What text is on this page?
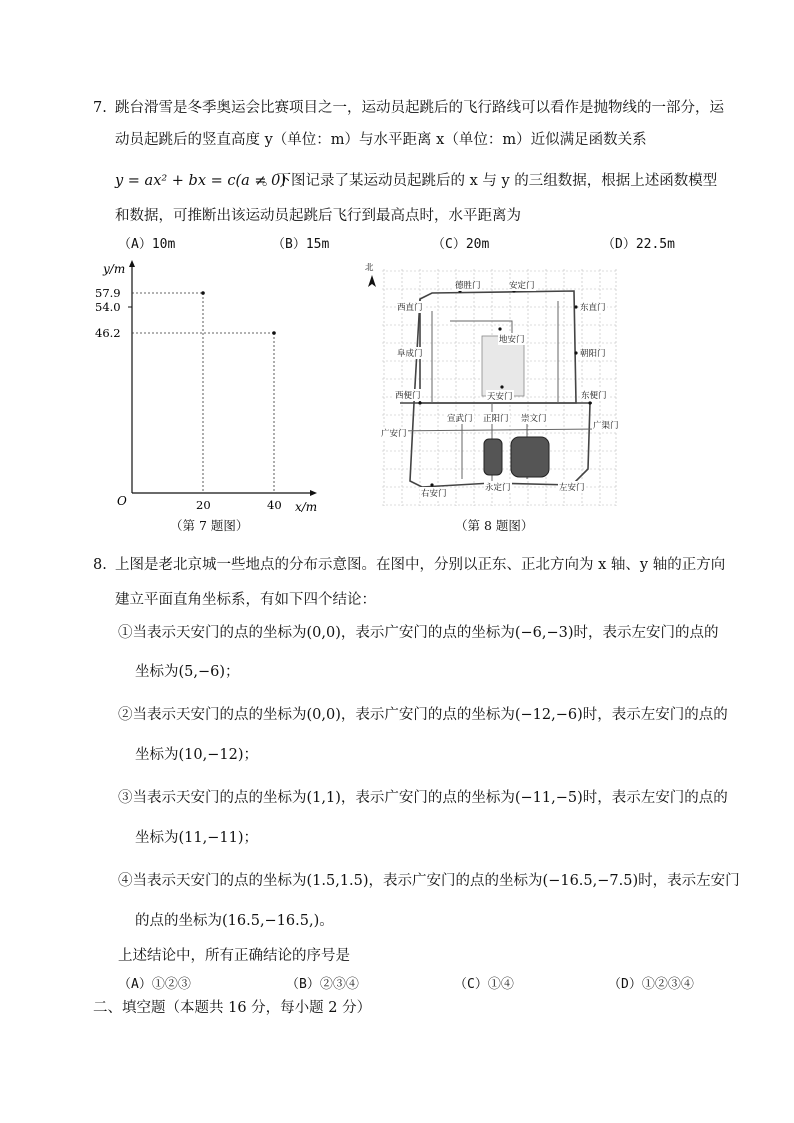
7. 跳台滑雪是冬季奥运会比赛项目之一，运动员起跳后的飞行路线可以看作是抛物线的一部分，运
动员起跳后的竖直高度 y（单位：m）与水平距离 x（单位：m）近似满足函数关系
y = ax² + bx = c(a ≠ 0)
。下图记录了某运动员起跳后的 x 与 y 的三组数据，根据上述函数模型
和数据，可推断出该运动员起跳后飞行到最高点时，水平距离为
（A）10m	（B）15m	（C）20m	（D）22.5m
y/m
x/m
O
57.9
54.0
46.2
20	40
（第 7 题图）
北
德胜门	安定门
西直门	东直门
地安门
阜成门	朝阳门
西便门	天安门	东便门
宣武门 正阳门 崇文门
广渠门
广安门
右安门
永定门	左安门
（第 8 题图）
8. 上图是老北京城一些地点的分布示意图。在图中，分别以正东、正北方向为 x 轴、y 轴的正方向
建立平面直角坐标系，有如下四个结论：
①当表示天安门的点的坐标为(0,0)，表示广安门的点的坐标为(−6,−3)时，表示左安门的点的
坐标为(5,−6)；
②当表示天安门的点的坐标为(0,0)，表示广安门的点的坐标为(−12,−6)时，表示左安门的点的
坐标为(10,−12)；
③当表示天安门的点的坐标为(1,1)，表示广安门的点的坐标为(−11,−5)时，表示左安门的点的
坐标为(11,−11)；
④当表示天安门的点的坐标为(1.5,1.5)，表示广安门的点的坐标为(−16.5,−7.5)时，表示左安门
的点的坐标为(16.5,−16.5,)。
上述结论中，所有正确结论的序号是
（A）①②③	（B）②③④	（C）①④	（D）①②③④
二、填空题（本题共 16 分，每小题 2 分）
